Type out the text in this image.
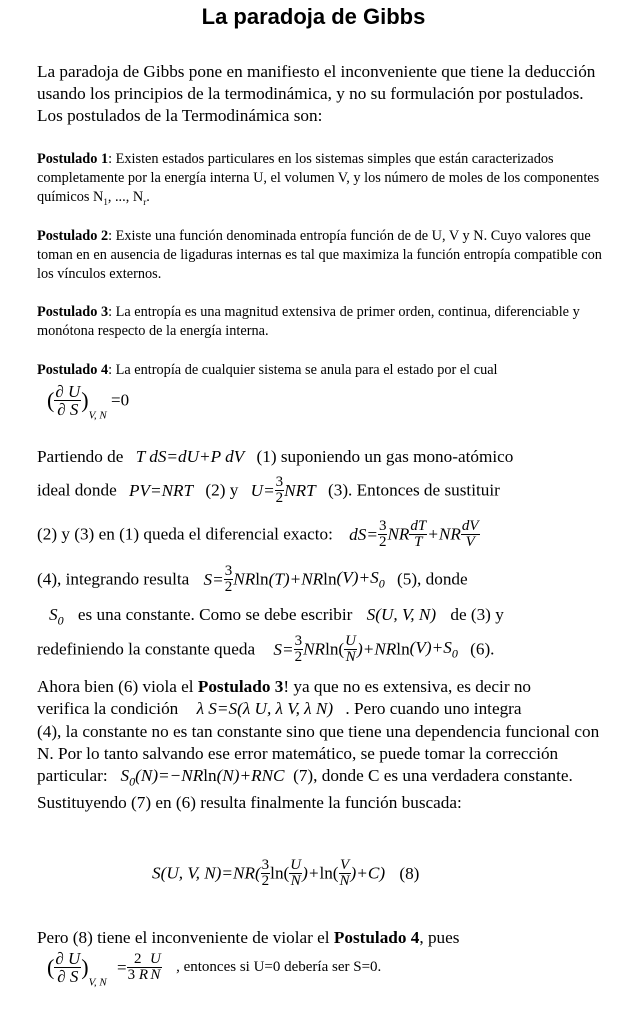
La paradoja de Gibbs

La paradoja de Gibbs pone en manifiesto el inconveniente que tiene la deducción usando los principios de la termodinámica, y no su formulación por postulados. Los postulados de la Termodinámica son:

Postulado 1: Existen estados particulares en los sistemas simples que están caracterizados completamente por la energía interna U, el volumen V, y los número de moles de los componentes químicos $N_1$, ..., $N_r$.

Postulado 2: Existe una función denominada entropía función de de U, V y N. Cuyo valores que toman en en ausencia de ligaduras internas es tal que maximiza la función entropía compatible con los vínculos externos.

Postulado 3: La entropía es una magnitud extensiva de primer orden, continua, diferenciable y monótona respecto de la energía interna.

Postulado 4: La entropía de cualquier sistema se anula para el estado por el cual

( $\frac{\partial U}{\partial S} )_{V, N} =0$
Partiendo de T dS=dU+P dV (1) suponiendo un gas mono-atómico
ideal donde PV=NRT (2) y $U= \frac{3}{2}$ NRT (3). Entonces de sustituir
(2) y (3) en (1) queda el diferencial exacto: $dS= \frac{3}{2}$ NR $\frac{dT}{T} +NR \frac{dV}{V}$
(4), integrando resulta $S= \frac{3}{2} NRln(T)+NRln(V)+S_0$ (5), donde
$S_0$ es una constante. Como se debe escribir S(U, V, N) de (3) y
redefiniendo la constante queda $S= \frac{3}{2} NRln( \frac{U}{N} )+NRln(V)+S_0$ (6).
Ahora bien (6) viola el Postulado 3! ya que no es extensiva, es decir no
verifica la condición λ S=S(λ U, λ V, λ N) . Pero cuando uno integra

(4), la constante no es tan constante sino que tiene una dependencia funcional con N. Por lo tanto salvando ese error matemático, se puede tomar la corrección particular: $S_0(N)=-NRln(N)+RNC$ (7), donde C es una verdadera constante. Sustituyendo (7) en (6) resulta finalmente la función buscada:

S(U, V, $N)=NR( \frac{3}{2} \ln( \frac{U}{N} )+\ln( \frac{V}{N} )+C)$ (8)
Pero (8) tiene el inconveniente de violar el Postulado 4, pues
( $\frac{\partial U}{\partial S} )_{V, N} = \frac{2}{3 R} \frac{U}{N}$ , entonces si U=0 debería ser S=0.
